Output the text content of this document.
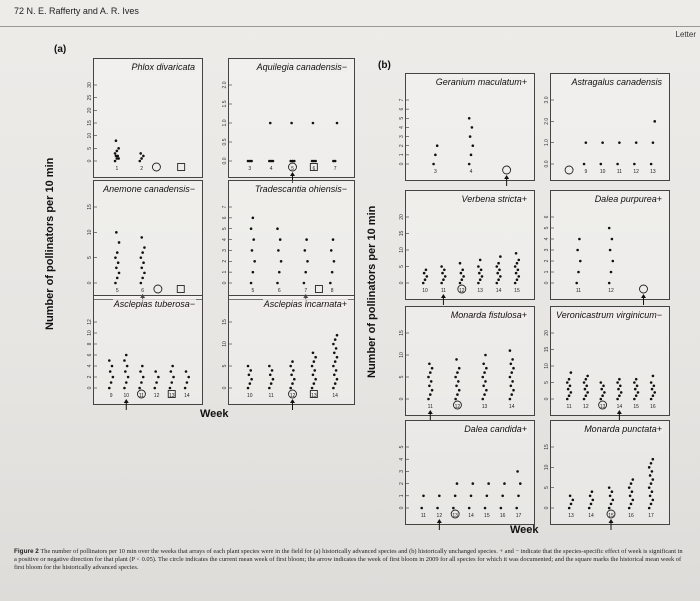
72 N. E. Rafferty and A. R. Ives
Letter
(a)
(b)
Number of pollinators per 10 min	Number of pollinators per 10 min
Week
Week
Phlox divaricata
0
5
10
15
20
25
30
1	2
Aquilegia canadensis−
0.0
0.5
1.0
1.5
2.0
3	4	5	6	7
Anemone canadensis−
0
5
10
15
5	6
Tradescantia ohiensis−
0
1
2
3
4
5
6
7
5	6	7	8
Asclepias tuberosa−
0
2
4
6
8
10
12
9 10 11 12 13 14
Asclepias incarnata+
0
5
10
15
10	11	12	13	14
Geranium maculatum+
0
1
2
3
4
5
6
7
3	4
Astragalus canadensis
0.0
1.0
2.0
3.0
9	10 11 12 13
Verbena stricta+
0
5
10
15
20
10	11	12	13	14	15
Dalea purpurea+
0
1
2
3
4
5
6
11	12
Monarda fistulosa+
0
5
10
15
11	12	13	14
Veronicastrum virginicum−
0
5
10
15
20
11 12 13 14 15 16
Dalea candida+
0
1
2
3
4
5
11 12 13 14 15 16 17
Monarda punctata+
0
5
10
15
13	14	15	16	17
Figure 2 The number of pollinators per 10 min over the weeks that arrays of each plant species were in the field for (a) historically advanced species and (b) historically unchanged species. + and − indicate that the species-specific effect of week is significant in a positive or negative direction for that plant (P < 0.05). The circle indicates the current mean week of first bloom; the arrow indicates the week of first bloom in 2009 for all species for which it was documented; and the square marks the historical mean week of first bloom for the historically advanced species.
